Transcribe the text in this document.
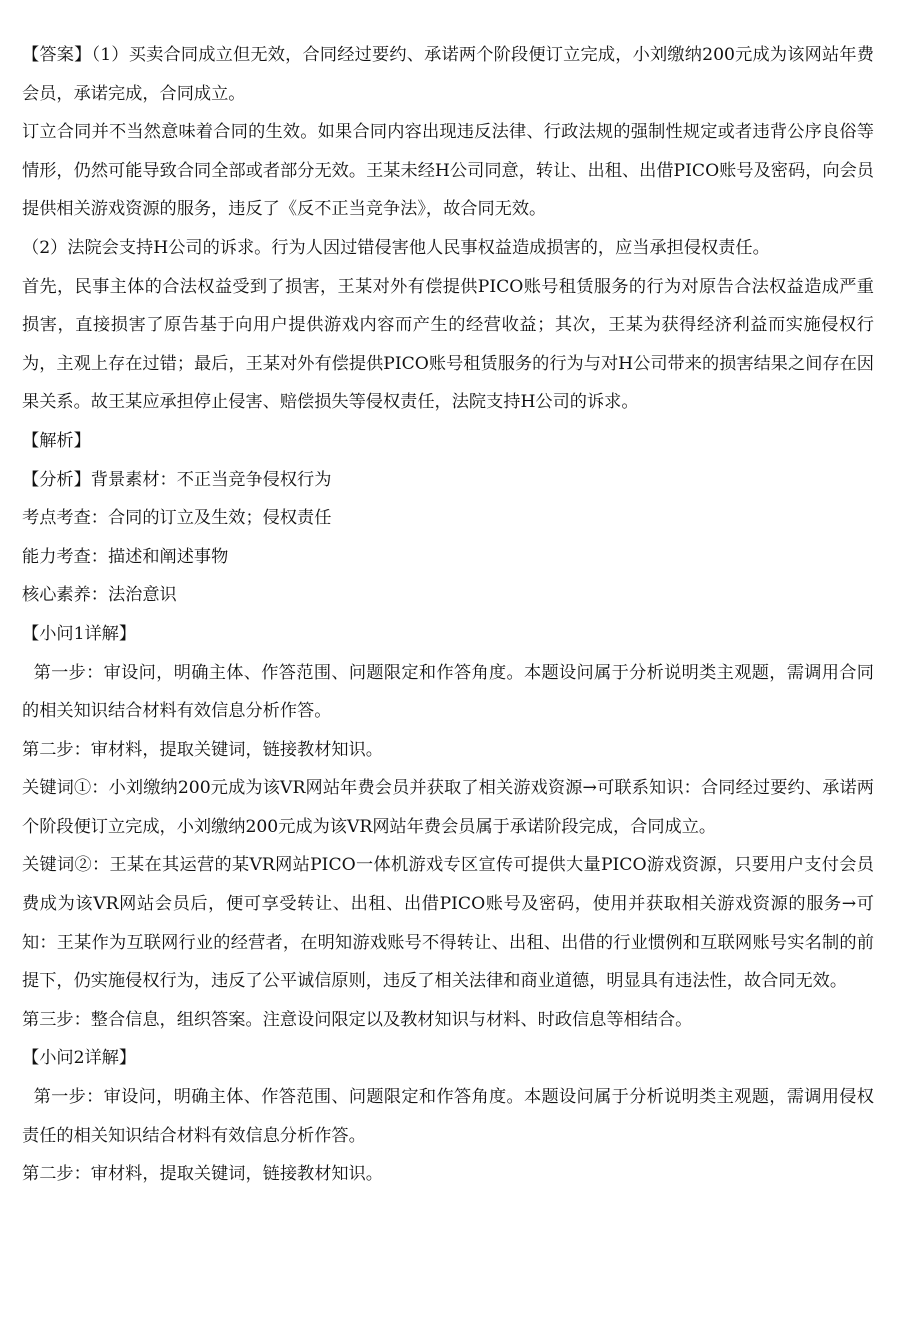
【答案】（1）买卖合同成立但无效，合同经过要约、承诺两个阶段便订立完成，小刘缴纳200元成为该网站年费会员，承诺完成，合同成立。

订立合同并不当然意味着合同的生效。如果合同内容出现违反法律、行政法规的强制性规定或者违背公序良俗等情形，仍然可能导致合同全部或者部分无效。王某未经H公司同意，转让、出租、出借PICO账号及密码，向会员提供相关游戏资源的服务，违反了《反不正当竞争法》，故合同无效。

（2）法院会支持H公司的诉求。行为人因过错侵害他人民事权益造成损害的，应当承担侵权责任。

首先，民事主体的合法权益受到了损害，王某对外有偿提供PICO账号租赁服务的行为对原告合法权益造成严重损害，直接损害了原告基于向用户提供游戏内容而产生的经营收益；其次，王某为获得经济利益而实施侵权行为，主观上存在过错；最后，王某对外有偿提供PICO账号租赁服务的行为与对H公司带来的损害结果之间存在因果关系。故王某应承担停止侵害、赔偿损失等侵权责任，法院支持H公司的诉求。

【解析】

【分析】背景素材：不正当竞争侵权行为

考点考查：合同的订立及生效；侵权责任

能力考查：描述和阐述事物

核心素养：法治意识

【小问1详解】

第一步：审设问，明确主体、作答范围、问题限定和作答角度。本题设问属于分析说明类主观题，需调用合同的相关知识结合材料有效信息分析作答。

第二步：审材料，提取关键词，链接教材知识。

关键词①：小刘缴纳200元成为该VR网站年费会员并获取了相关游戏资源→可联系知识：合同经过要约、承诺两个阶段便订立完成，小刘缴纳200元成为该VR网站年费会员属于承诺阶段完成，合同成立。

关键词②：王某在其运营的某VR网站PICO一体机游戏专区宣传可提供大量PICO游戏资源，只要用户支付会员费成为该VR网站会员后，便可享受转让、出租、出借PICO账号及密码，使用并获取相关游戏资源的服务→可知：王某作为互联网行业的经营者，在明知游戏账号不得转让、出租、出借的行业惯例和互联网账号实名制的前提下，仍实施侵权行为，违反了公平诚信原则，违反了相关法律和商业道德，明显具有违法性，故合同无效。

第三步：整合信息，组织答案。注意设问限定以及教材知识与材料、时政信息等相结合。

【小问2详解】

第一步：审设问，明确主体、作答范围、问题限定和作答角度。本题设问属于分析说明类主观题，需调用侵权责任的相关知识结合材料有效信息分析作答。

第二步：审材料，提取关键词，链接教材知识。
